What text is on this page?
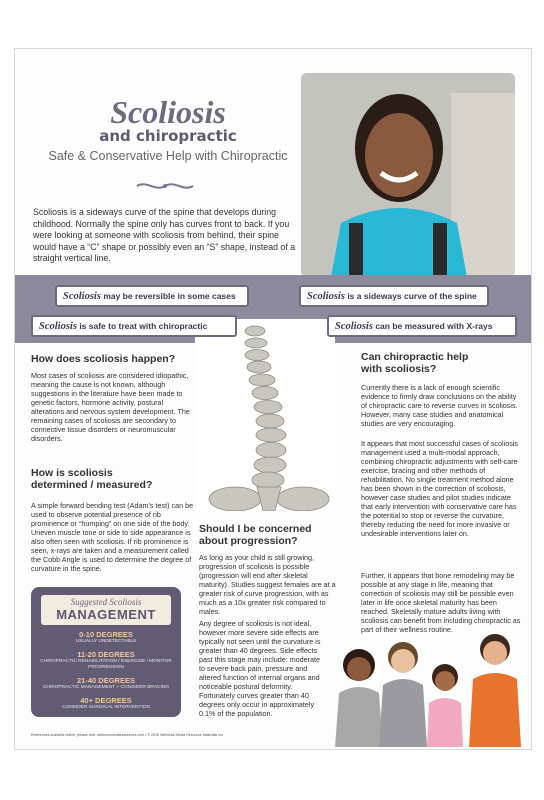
Scoliosis
and chiropractic
Safe & Conservative Help with Chiropractic
Scoliosis is a sideways curve of the spine that develops during childhood. Normally the spine only has curves front to back. If you were looking at someone with scoliosis from behind, their spine would have a “C” shape or possibly even an “S” shape, instead of a straight vertical line.
Scoliosis may be reversible in some cases	Scoliosis is a sideways curve of the spine
Scoliosis is safe to treat with chiropractic	Scoliosis can be measured with X-rays
How does scoliosis happen?
Most cases of scoliosis are considered idiopathic, meaning the cause is not known, although suggestions in the literature have been made to genetic factors, hormone activity, postural alterations and nervous system development. The remaining cases of scoliosis are secondary to connective tissue disorders or neuromuscular disorders.
How is scoliosis
determined / measured?
A simple forward bending test (Adam’s test) can be used to observe potential presence of rib prominence or “humping” on one side of the body. Uneven muscle tone or side to side appearance is also often seen with scoliosis. If rib prominence is seen, x-rays are taken and a measurement called the Cobb Angle is used to determine the degree of curvature in the spine.
Should I be concerned
about progression?
As long as your child is still growing, progression of scoliosis is possible (progression will end after skeletal maturity). Studies suggest females are at a greater risk of curve progression, with as much as a 10x greater risk compared to males.
Any degree of scoliosis is not ideal, however more severe side effects are typically not seen until the curvature is greater than 40 degrees. Side effects past this stage may include: moderate to severe back pain, pressure and altered function of internal organs and noticeable postural deformity. Fortunately curves greater than 40 degrees only occur in approximately 0.1% of the population.
Can chiropractic help
with scoliosis?
Currently there is a lack of enough scientific evidence to firmly draw conclusions on the ability of chiropractic care to reverse curves in scoliosis. However, many case studies and anatomical studies are very encouraging.
It appears that most successful cases of scoliosis management used a multi-modal approach, combining chiropractic adjustments with self-care exercise, bracing and other methods of rehabilitation. No single treatment method alone has been shown in the correction of scoliosis, however case studies and pilot studies indicate that early intervention with conservative care has the potential to stop or reverse the curvature, thereby reducing the need for more invasive or undesirable interventions later on.
Further, it appears that bone remodeling may be possible at any stage in life, meaning that correction of scoliosis may still be possible even later in life once skeletal maturity has been reached. Skeletally mature adults living with scoliosis can benefit from including chiropractic as part of their wellness routine.
Suggested Scoliosis
MANAGEMENT
0-10 DEGREES
USUALLY UNDETECTABLE
11-20 DEGREES
CHIROPRACTIC REHABILITATION / EXERCISE / MONITOR PROGRESSION
21-40 DEGREES
CHIROPRACTIC MANAGEMENT + CONSIDER BRACING
40+ DEGREES
CONSIDER SURGICAL INTERVENTION
References available online, please visit: wellnessmediaresources.com • © 2015 Wellness Media Resource Materials Inc.
